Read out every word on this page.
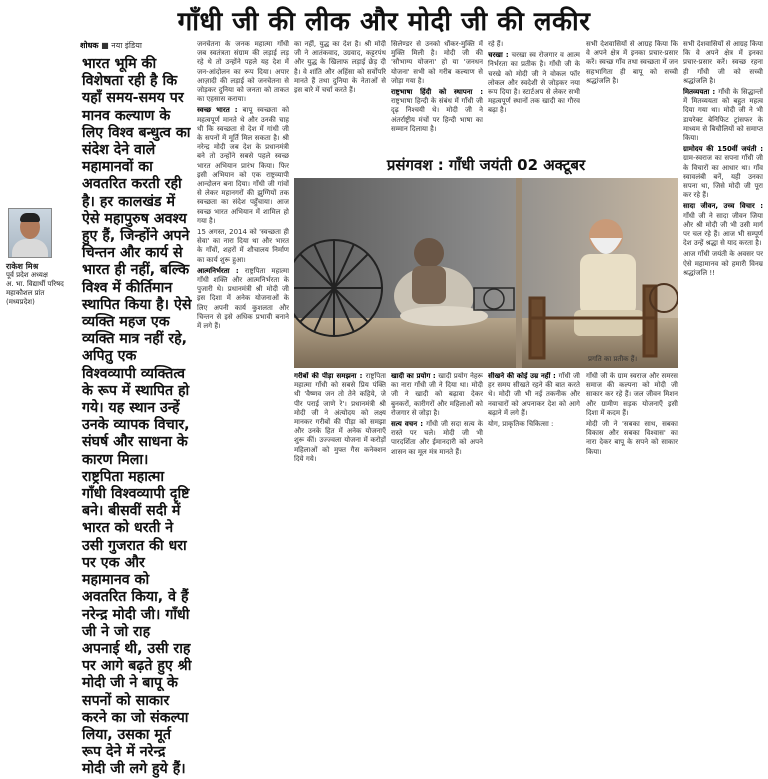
गाँधी जी की लीक और मोदी जी की लकीर
शोधक ■ नया इंडिया
भारत भूमि की विशेषता रही है कि यहाँ समय-समय पर मानव कल्याण के लिए विश्व बन्धुत्व का संदेश देने वाले महामानवों का अवतरित करती रही है। हर कालखंड में ऐसे महापुरुष अवश्य हुए हैं, जिन्होंने अपने चिन्तन और कार्य से भारत ही नहीं, बल्कि विश्व में कीर्तिमान स्थापित किया है। ऐसे व्यक्ति महज एक व्यक्ति मात्र नहीं रहे, अपितु एक विश्वव्यापी व्यक्तित्व के रूप में स्थापित हो गये। यह स्थान उन्हें उनके व्यापक विचार, संघर्ष और साधना के कारण मिला। राष्ट्रपिता महात्मा गाँधी विश्वव्यापी दृष्टि बने। बीसवीं सदी में भारत को धरती ने उसी गुजरात की धरा पर एक और महामानव को अवतरित किया, वे हैं नरेन्द्र मोदी जी। गाँधी जी ने जो राह अपनाई थी, उसी राह पर आगे बढ़ते हुए श्री मोदी जी ने बापू के सपनों को साकार करने का जो संकल्पा लिया, उसका मूर्त रूप देने में नरेन्द्र मोदी जी लगे हुये हैं।
राकेश मिश्र
पूर्व प्रदेश अध्यक्ष
अ. भा. विद्यार्थी परिषद
महाकौशल प्रांत
(मध्यप्रदेश)

जनचेतना के जनक महात्मा गाँधी जब स्वतंत्रता संग्राम की लड़ाई लड़ रहे थे तो उन्होंने पहले यह देश में जन-आंदोलन का रूप दिया। अपार आज़ादी की लड़ाई को जनचेतना से जोड़कर दुनिया को जनता को ताकत का एहसास कराया।

स्वच्छ भारत : बापू स्वच्छता को महत्वपूर्ण मानते थे और उनकी चाह थी कि स्वच्छता से देश में गांधी जी के सपनों में मूर्ति मिल सकता है। श्री नरेन्द्र मोदी जब देश के प्रधानमंत्री बने तो उन्होंने सबसे पहले स्वच्छ भारत अभियान प्रारंभ किया। फिर इसी अभियान को एक राष्ट्रव्यापी आन्दोलन बना दिया। गाँधी जी गांवों से लेकर महानगरों की झुग्गियों तक स्वच्छता का संदेश पहुँचाया। आज स्वच्छ भारत अभियान में शामिल हो गया है।

15 अगस्त, 2014 को 'स्वच्छता ही सेवा' का नारा दिया था और भारत के गाँवों, शहरों में शौचालय निर्माण का कार्य शुरू हुआ।

आत्मनिर्भरता : राष्ट्रपिता महात्मा गाँधी शक्ति और आत्मनिर्भरता के पुजारी थे। प्रधानमंत्री श्री मोदी जी इस दिशा में अनेक योजनाओं के लिए अपनी कार्य कुशलता और चिन्तन से इसे अधिक प्रभावी बनाने में लगे हैं।

का नहीं, युद्ध का देश है। श्री मोदी जी ने आतंकवाद, उग्रवाद, कट्टरपंथ और युद्ध के खिलाफ लड़ाई छेड़ दी है। वे शांति और अहिंसा को सर्वोपरि मानते हैं तथा दुनिया के नेताओं से इस बारे में चर्चा करते हैं।

सिलेण्डर से उनको धौंकर-मुक्ति में मुक्ति मिली है। मोदी जी की 'सौभाग्य योजना' हो या 'जनधन योजना' सभी को गरीब कल्याण से जोड़ा गया है।

राष्ट्रभाषा हिंदी को स्थापना : राष्ट्रभाषा हिन्दी के संबंध में गाँधी जी दृढ़ निश्चयी थे। मोदी जी ने अंतर्राष्ट्रीय मंचों पर हिन्दी भाषा का सम्मान दिलाया है।

रहे हैं।

चरखा : चरखा स्व रोजगार व आत्म निर्भरता का प्रतीक है। गाँधी जी के चरखे को मोदी जी ने वोकल फॉर लोकल और स्वदेशी से जोड़कर नया रूप दिया है। स्टार्टअप से लेकर सभी महत्वपूर्ण स्थानों तक खादी का गौरव बढ़ा है।

सभी देशवासियों से आग्रह किया कि वे अपने क्षेत्र में इनका प्रचार-प्रसार करें। स्वच्छ गाँव तथा स्वच्छता में जन सहभागिता ही बापू को सच्ची श्रद्धांजलि है।

सभी देशवासियों से आग्रह किया कि वे अपने क्षेत्र में इनका प्रचार-प्रसार करें। स्वच्छ रहना ही गाँधी जी को सच्ची श्रद्धांजलि है।

मितव्ययता : गाँधी के सिद्धान्तों में मितव्ययता को बहुत महत्व दिया गया था। मोदी जी ने भी डायरेक्ट बेनिफिट ट्रांसफर के माध्यम से बिचौलियों को समाप्त किया।

ग्रामोदय की 150वीं जयंती : ग्राम-स्वराज का सपना गाँधी जी के विचारों का आधार था। गाँव स्वावलंबी बनें, यही उनका सपना था, जिसे मोदी जी पूरा कर रहे हैं।

सादा जीवन, उच्च विचार : गाँधी जी ने सादा जीवन जिया और श्री मोदी जी भी उसी मार्ग पर चल रहे हैं। आज भी सम्पूर्ण देश उन्हें श्रद्धा से याद करता है।

आज गाँधी जयंती के अवसर पर ऐसे महामानव को हमारी विनम्र श्रद्धांजलि !!

प्रसंगवश : गाँधी जयंती 02 अक्टूबर
प्रगति का प्रतीक हैं।

गरीबों की पीड़ा समझना : राष्ट्रपिता महात्मा गाँधी को सबसे प्रिय पंक्ति थी 'वैष्णव जन तो तेने कहिये, जे पीर पराई जाणे रे'। प्रधानमंत्री श्री मोदी जी ने अंत्योदय को लक्ष्य मानकर गरीबों की पीड़ा को समझा और उनके हित में अनेक योजनाएँ शुरू कीं। उज्ज्वला योजना में करोड़ों महिलाओं को मुफ्त गैस कनेक्शन दिये गये।

खादी का प्रयोग : खादी प्रयोग नेहरू का नारा गाँधी जी ने दिया था। मोदी जी ने खादी को बढ़ावा देकर बुनकरों, कारीगरों और महिलाओं को रोजगार से जोड़ा है।

सत्य वचन : गाँधी जी सदा सत्य के रास्ते पर चले। मोदी जी भी पारदर्शिता और ईमानदारी को अपने शासन का मूल मंत्र मानते हैं।

सीखने की कोई उम्र नहीं : गाँधी जी हर समय सीखते रहने की बात करते थे। मोदी जी भी नई तकनीक और नवाचारों को अपनाकर देश को आगे बढ़ाने में लगे हैं।

योग, प्राकृतिक चिकित्सा :

गाँधी जी के ग्राम स्वराज और समरस समाज की कल्पना को मोदी जी साकार कर रहे हैं। जल जीवन मिशन और ग्रामीण सड़क योजनाएँ इसी दिशा में कदम हैं।

मोदी जी ने 'सबका साथ, सबका विकास और सबका विश्वास' का नारा देकर बापू के सपने को साकार किया।
